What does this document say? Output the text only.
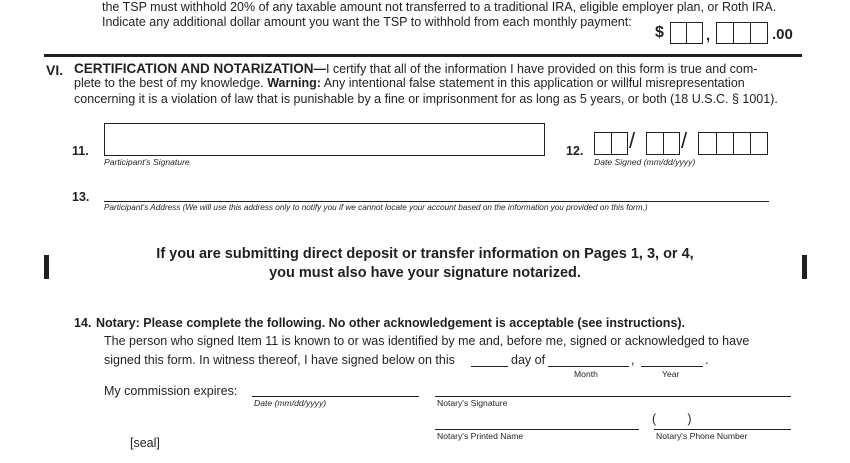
the TSP must withhold 20% of any taxable amount not transferred to a traditional IRA, eligible employer plan, or Roth IRA.
Indicate any additional dollar amount you want the TSP to withhold from each monthly payment:
$	,	.00
VI. CERTIFICATION AND NOTARIZATION—I certify that all of the information I have provided on this form is true and com-
plete to the best of my knowledge. Warning: Any intentional false statement in this application or willful misrepresentation
concerning it is a violation of law that is punishable by a fine or imprisonment for as long as 5 years, or both (18 U.S.C. § 1001).
11.
Participant's Signature
12. / /
Date Signed (mm/dd/yyyy)
13.
Participant's Address (We will use this address only to notify you if we cannot locate your account based on the information you provided on this form.)
If you are submitting direct deposit or transfer information on Pages 1, 3, or 4,
you must also have your signature notarized.
14. Notary: Please complete the following. No other acknowledgement is acceptable (see instructions).
The person who signed Item 11 is known to or was identified by me and, before me, signed or acknowledged to have
signed this form. In witness thereof, I have signed below on this	day of	,	.
Month	Year
My commission expires:
Date (mm/dd/yyyy)	Notary's Signature
Notary's Printed Name
(         )
Notary's Phone Number
[seal]
